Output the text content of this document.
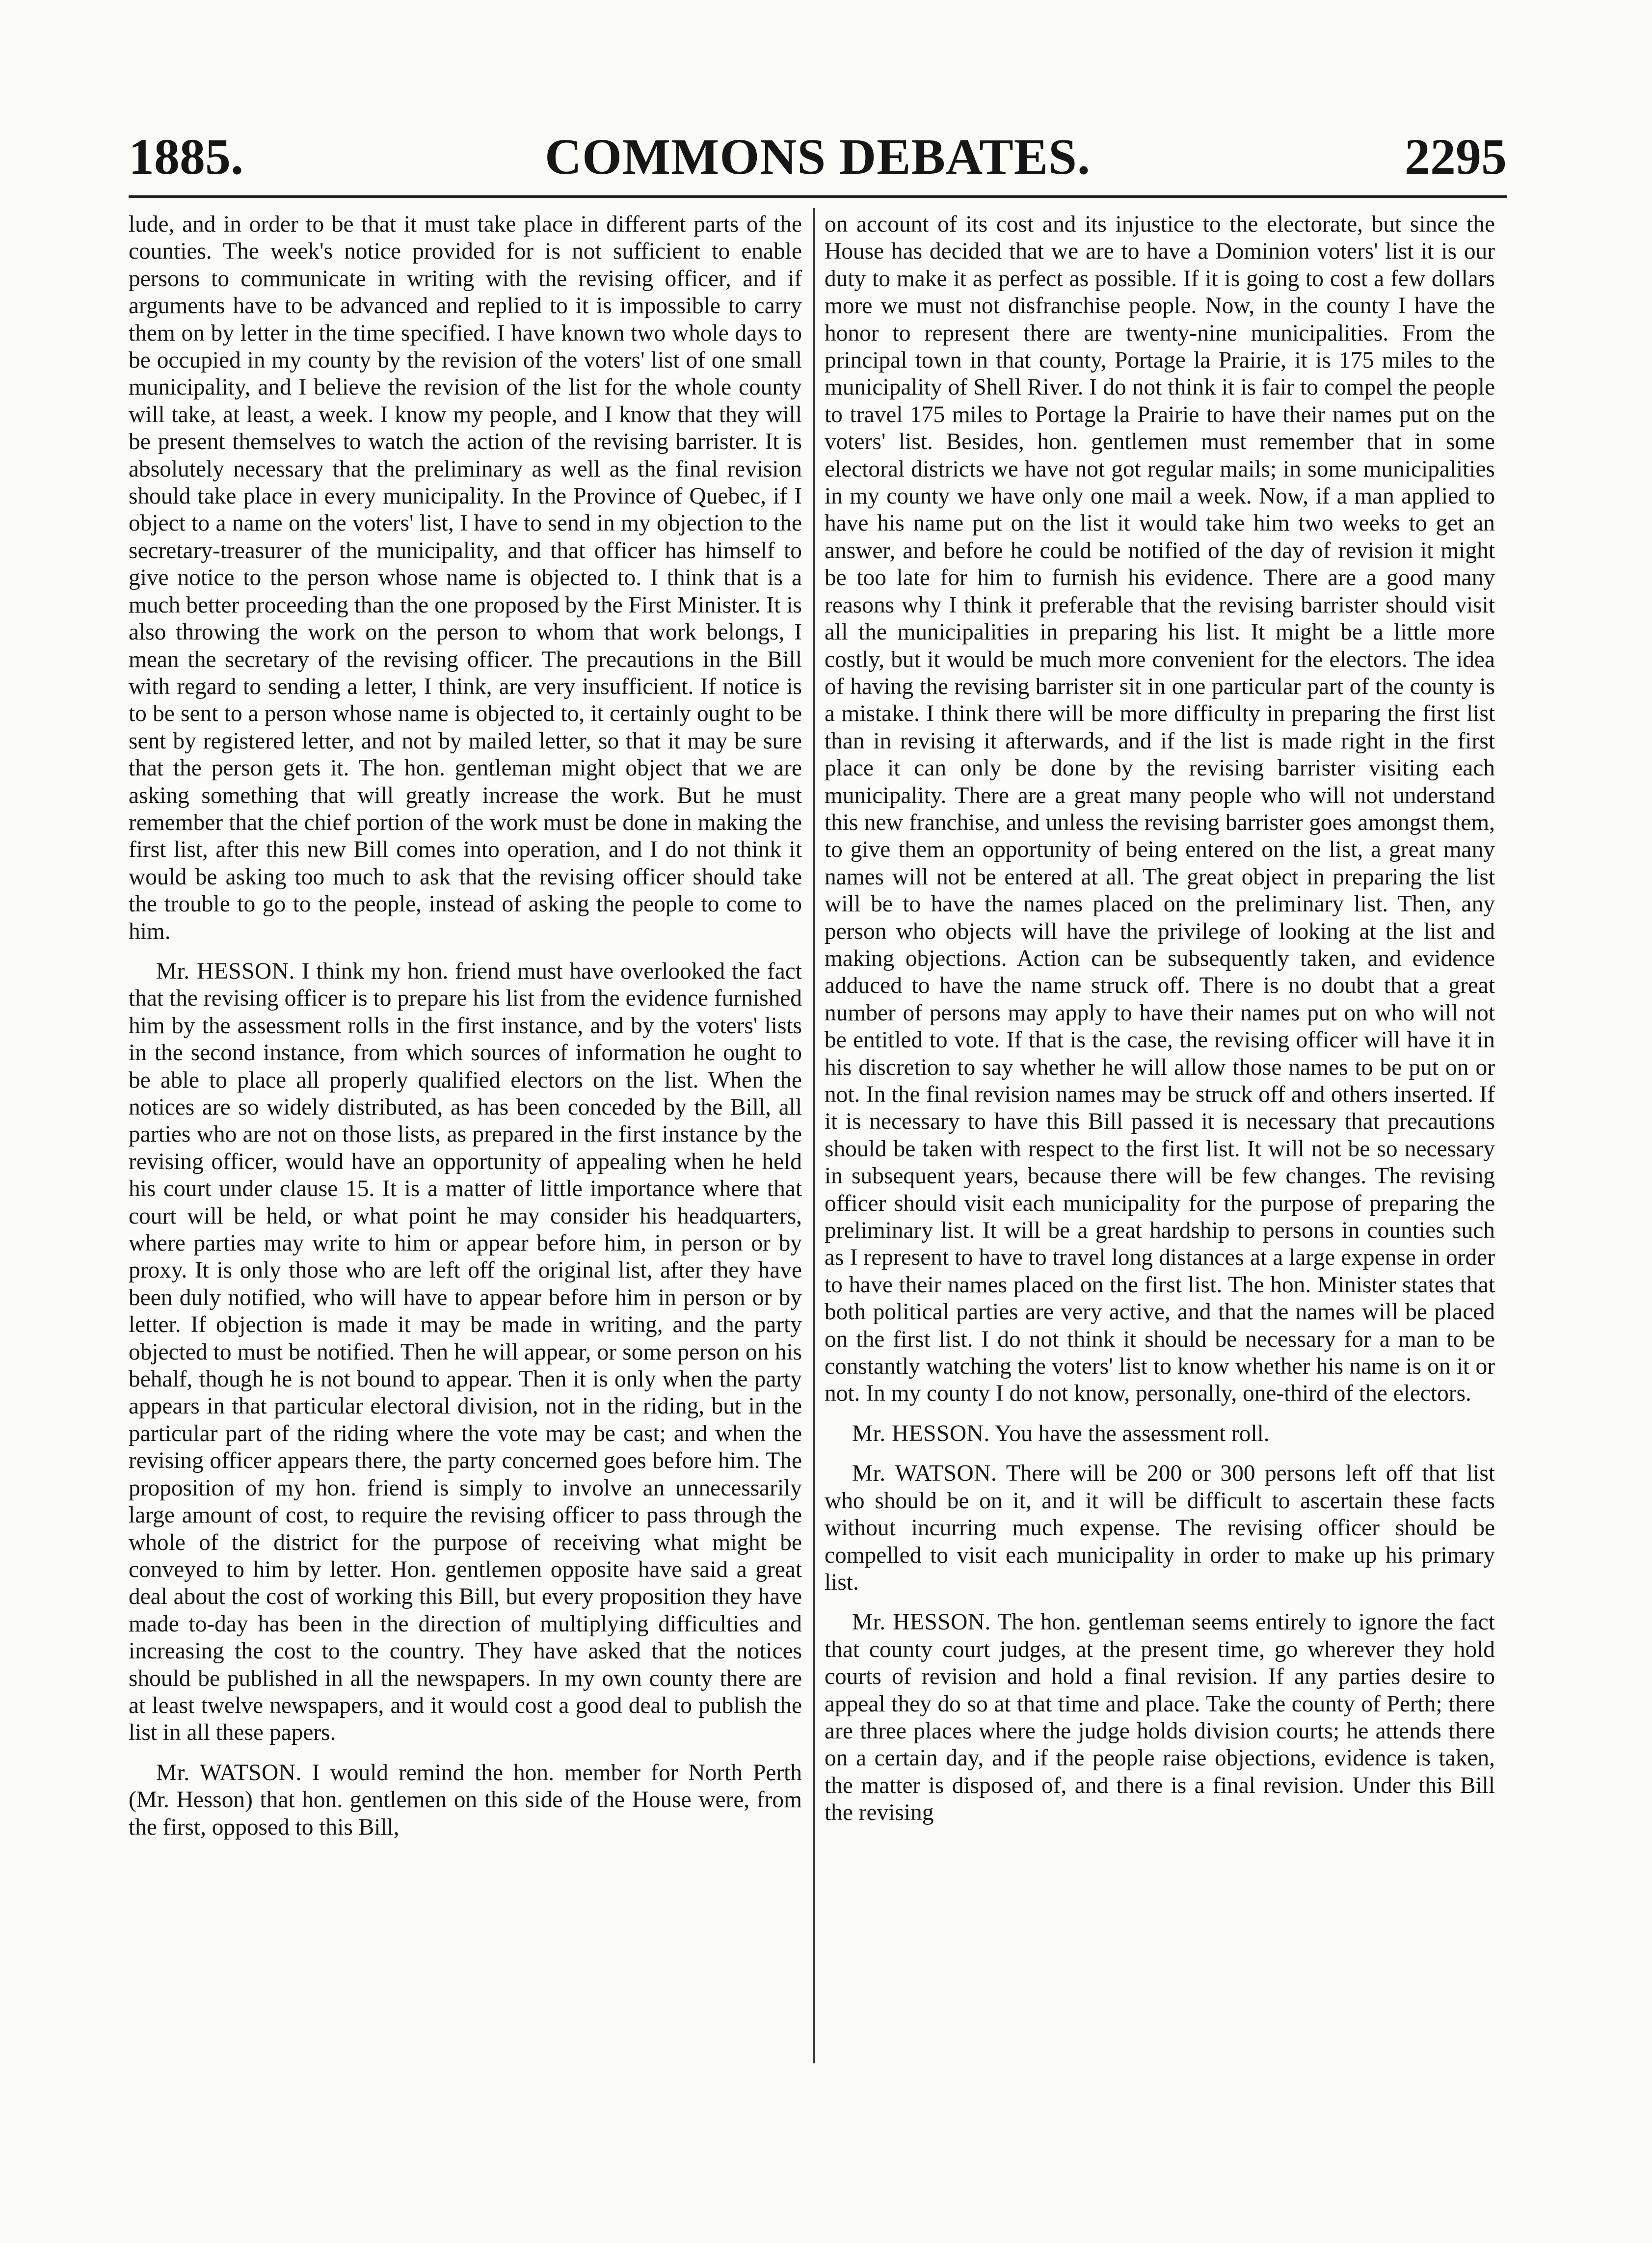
1885.	COMMONS DEBATES.	2295

lude, and in order to be that it must take place in different parts of the counties. The week's notice provided for is not sufficient to enable persons to communicate in writing with the revising officer, and if arguments have to be advanced and replied to it is impossible to carry them on by letter in the time specified. I have known two whole days to be occupied in my county by the revision of the voters' list of one small municipality, and I believe the revision of the list for the whole county will take, at least, a week. I know my people, and I know that they will be present themselves to watch the action of the revising barrister. It is absolutely necessary that the preliminary as well as the final revision should take place in every municipality. In the Province of Quebec, if I object to a name on the voters' list, I have to send in my objection to the secretary-treasurer of the municipality, and that officer has himself to give notice to the person whose name is objected to. I think that is a much better proceeding than the one proposed by the First Minister. It is also throwing the work on the person to whom that work belongs, I mean the secretary of the revising officer. The precautions in the Bill with regard to sending a letter, I think, are very insufficient. If notice is to be sent to a person whose name is objected to, it certainly ought to be sent by registered letter, and not by mailed letter, so that it may be sure that the person gets it. The hon. gentleman might object that we are asking something that will greatly increase the work. But he must remember that the chief portion of the work must be done in making the first list, after this new Bill comes into operation, and I do not think it would be asking too much to ask that the revising officer should take the trouble to go to the people, instead of asking the people to come to him.

Mr. HESSON. I think my hon. friend must have overlooked the fact that the revising officer is to prepare his list from the evidence furnished him by the assessment rolls in the first instance, and by the voters' lists in the second instance, from which sources of information he ought to be able to place all properly qualified electors on the list. When the notices are so widely distributed, as has been conceded by the Bill, all parties who are not on those lists, as prepared in the first instance by the revising officer, would have an opportunity of appealing when he held his court under clause 15. It is a matter of little importance where that court will be held, or what point he may consider his headquarters, where parties may write to him or appear before him, in person or by proxy. It is only those who are left off the original list, after they have been duly notified, who will have to appear before him in person or by letter. If objection is made it may be made in writing, and the party objected to must be notified. Then he will appear, or some person on his behalf, though he is not bound to appear. Then it is only when the party appears in that particular electoral division, not in the riding, but in the particular part of the riding where the vote may be cast; and when the revising officer appears there, the party concerned goes before him. The proposition of my hon. friend is simply to involve an unnecessarily large amount of cost, to require the revising officer to pass through the whole of the district for the purpose of receiving what might be conveyed to him by letter. Hon. gentlemen opposite have said a great deal about the cost of working this Bill, but every proposition they have made to-day has been in the direction of multiplying difficulties and increasing the cost to the country. They have asked that the notices should be published in all the newspapers. In my own county there are at least twelve newspapers, and it would cost a good deal to publish the list in all these papers.

Mr. WATSON. I would remind the hon. member for North Perth (Mr. Hesson) that hon. gentlemen on this side of the House were, from the first, opposed to this Bill,

on account of its cost and its injustice to the electorate, but since the House has decided that we are to have a Dominion voters' list it is our duty to make it as perfect as possible. If it is going to cost a few dollars more we must not disfranchise people. Now, in the county I have the honor to represent there are twenty-nine municipalities. From the principal town in that county, Portage la Prairie, it is 175 miles to the municipality of Shell River. I do not think it is fair to compel the people to travel 175 miles to Portage la Prairie to have their names put on the voters' list. Besides, hon. gentlemen must remember that in some electoral districts we have not got regular mails; in some municipalities in my county we have only one mail a week. Now, if a man applied to have his name put on the list it would take him two weeks to get an answer, and before he could be notified of the day of revision it might be too late for him to furnish his evidence. There are a good many reasons why I think it preferable that the revising barrister should visit all the municipalities in preparing his list. It might be a little more costly, but it would be much more convenient for the electors. The idea of having the revising barrister sit in one particular part of the county is a mistake. I think there will be more difficulty in preparing the first list than in revising it afterwards, and if the list is made right in the first place it can only be done by the revising barrister visiting each municipality. There are a great many people who will not understand this new franchise, and unless the revising barrister goes amongst them, to give them an opportunity of being entered on the list, a great many names will not be entered at all. The great object in preparing the list will be to have the names placed on the preliminary list. Then, any person who objects will have the privilege of looking at the list and making objections. Action can be subsequently taken, and evidence adduced to have the name struck off. There is no doubt that a great number of persons may apply to have their names put on who will not be entitled to vote. If that is the case, the revising officer will have it in his discretion to say whether he will allow those names to be put on or not. In the final revision names may be struck off and others inserted. If it is necessary to have this Bill passed it is necessary that precautions should be taken with respect to the first list. It will not be so necessary in subsequent years, because there will be few changes. The revising officer should visit each municipality for the purpose of preparing the preliminary list. It will be a great hardship to persons in counties such as I represent to have to travel long distances at a large expense in order to have their names placed on the first list. The hon. Minister states that both political parties are very active, and that the names will be placed on the first list. I do not think it should be necessary for a man to be constantly watching the voters' list to know whether his name is on it or not. In my county I do not know, personally, one-third of the electors.

Mr. HESSON. You have the assessment roll.

Mr. WATSON. There will be 200 or 300 persons left off that list who should be on it, and it will be difficult to ascertain these facts without incurring much expense. The revising officer should be compelled to visit each municipality in order to make up his primary list.

Mr. HESSON. The hon. gentleman seems entirely to ignore the fact that county court judges, at the present time, go wherever they hold courts of revision and hold a final revision. If any parties desire to appeal they do so at that time and place. Take the county of Perth; there are three places where the judge holds division courts; he attends there on a certain day, and if the people raise objections, evidence is taken, the matter is disposed of, and there is a final revision. Under this Bill the revising
